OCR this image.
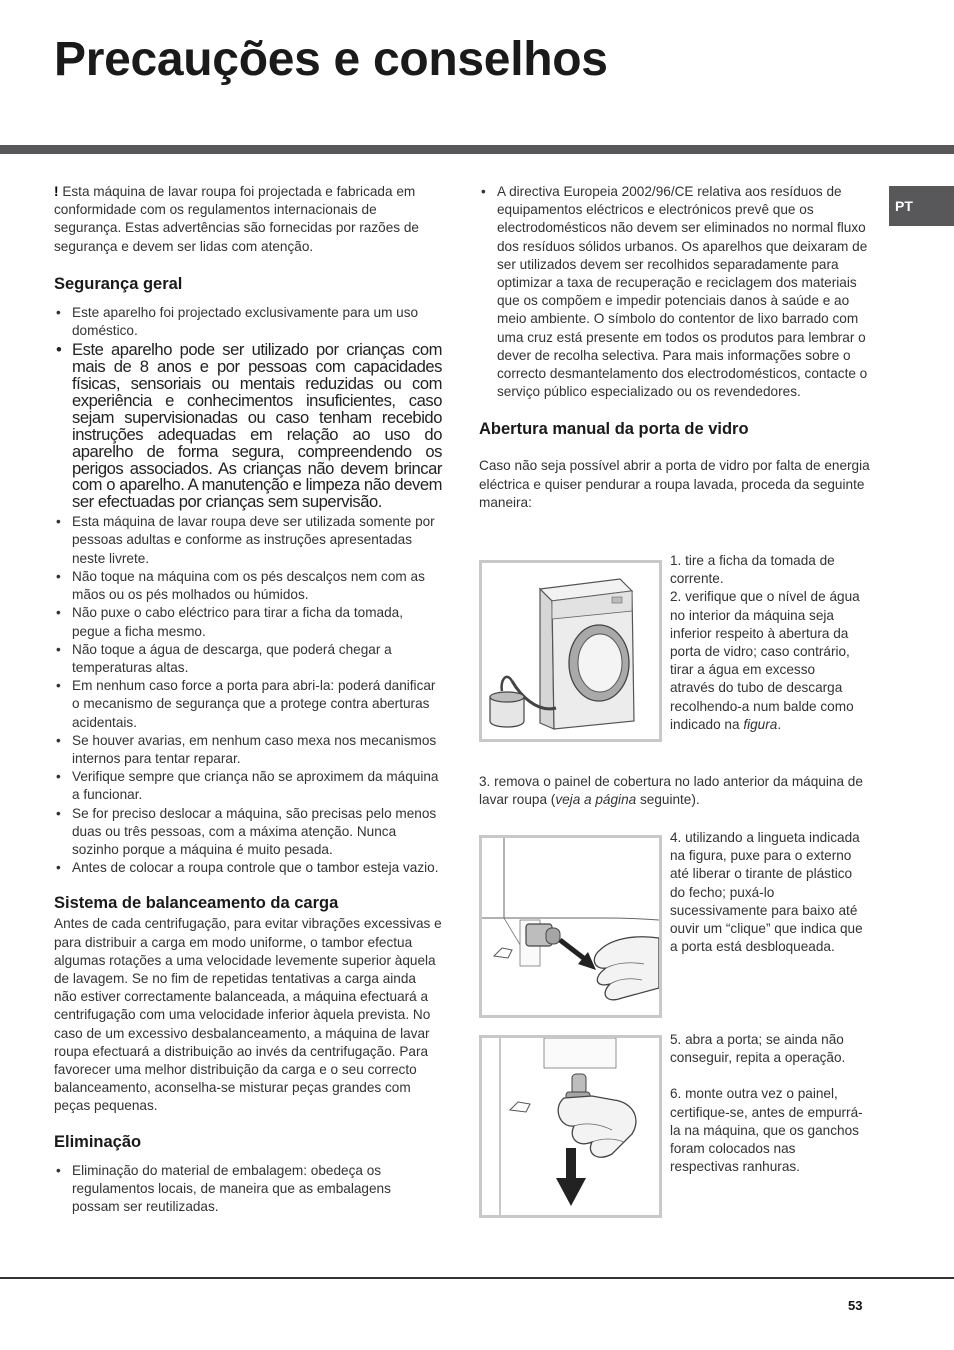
Precauções e conselhos
PT

! Esta máquina de lavar roupa foi projectada e fabricada em conformidade com os regulamentos internacionais de segurança. Estas advertências são fornecidas por razões de segurança e devem ser lidas com atenção.

Segurança geral
• Este aparelho foi projectado exclusivamente para um uso doméstico.
• Este aparelho pode ser utilizado por crianças com mais de 8 anos e por pessoas com capacidades físicas, sensoriais ou mentais reduzidas ou com experiência e conhecimentos insuficientes, caso sejam supervisionadas ou caso tenham recebido instruções adequadas em relação ao uso do aparelho de forma segura, compreendendo os perigos associados. As crianças não devem brincar com o aparelho. A manutenção e limpeza não devem ser efectuadas por crianças sem supervisão.
• Esta máquina de lavar roupa deve ser utilizada somente por pessoas adultas e conforme as instruções apresentadas neste livrete.
• Não toque na máquina com os pés descalços nem com as mãos ou os pés molhados ou húmidos.
• Não puxe o cabo eléctrico para tirar a ficha da tomada, pegue a ficha mesmo.
• Não toque a água de descarga, que poderá chegar a temperaturas altas.
• Em nenhum caso force a porta para abri-la: poderá danificar o mecanismo de segurança que a protege contra aberturas acidentais.
• Se houver avarias, em nenhum caso mexa nos mecanismos internos para tentar reparar.
• Verifique sempre que criança não se aproximem da máquina a funcionar.
• Se for preciso deslocar a máquina, são precisas pelo menos duas ou três pessoas, com a máxima atenção. Nunca sozinho porque a máquina é muito pesada.
• Antes de colocar a roupa controle que o tambor esteja vazio.
Sistema de balanceamento da carga

Antes de cada centrifugação, para evitar vibrações excessivas e para distribuir a carga em modo uniforme, o tambor efectua algumas rotações a uma velocidade levemente superior àquela de lavagem. Se no fim de repetidas tentativas a carga ainda não estiver correctamente balanceada, a máquina efectuará a centrifugação com uma velocidade inferior àquela prevista. No caso de um excessivo desbalanceamento, a máquina de lavar roupa efectuará a distribuição ao invés da centrifugação. Para favorecer uma melhor distribuição da carga e o seu correcto balanceamento, aconselha-se misturar peças grandes com peças pequenas.

Eliminação
• Eliminação do material de embalagem: obedeça os regulamentos locais, de maneira que as embalagens possam ser reutilizadas.
• A directiva Europeia 2002/96/CE relativa aos resíduos de equipamentos eléctricos e electrónicos prevê que os electrodomésticos não devem ser eliminados no normal fluxo dos resíduos sólidos urbanos. Os aparelhos que deixaram de ser utilizados devem ser recolhidos separadamente para optimizar a taxa de recuperação e reciclagem dos materiais que os compõem e impedir potenciais danos à saúde e ao meio ambiente. O símbolo do contentor de lixo barrado com uma cruz está presente em todos os produtos para lembrar o dever de recolha selectiva. Para mais informações sobre o correcto desmantelamento dos electrodomésticos, contacte o serviço público especializado ou os revendedores.
Abertura manual da porta de vidro

Caso não seja possível abrir a porta de vidro por falta de energia eléctrica e quiser pendurar a roupa lavada, proceda da seguinte maneira:

1. tire a ficha da tomada de corrente.

2. verifique que o nível de água no interior da máquina seja inferior respeito à abertura da porta de vidro; caso contrário, tirar a água em excesso através do tubo de descarga recolhendo-a num balde como indicado na figura.

3. remova o painel de cobertura no lado anterior da máquina de lavar roupa (veja a página seguinte).

4. utilizando a lingueta indicada na figura, puxe para o externo até liberar o tirante de plástico do fecho; puxá-lo sucessivamente para baixo até ouvir um “clique” que indica que a porta está desbloqueada.

5. abra a porta; se ainda não conseguir, repita a operação.

6. monte outra vez o painel, certifique-se, antes de empurrá-la na máquina, que os ganchos foram colocados nas respectivas ranhuras.

53
